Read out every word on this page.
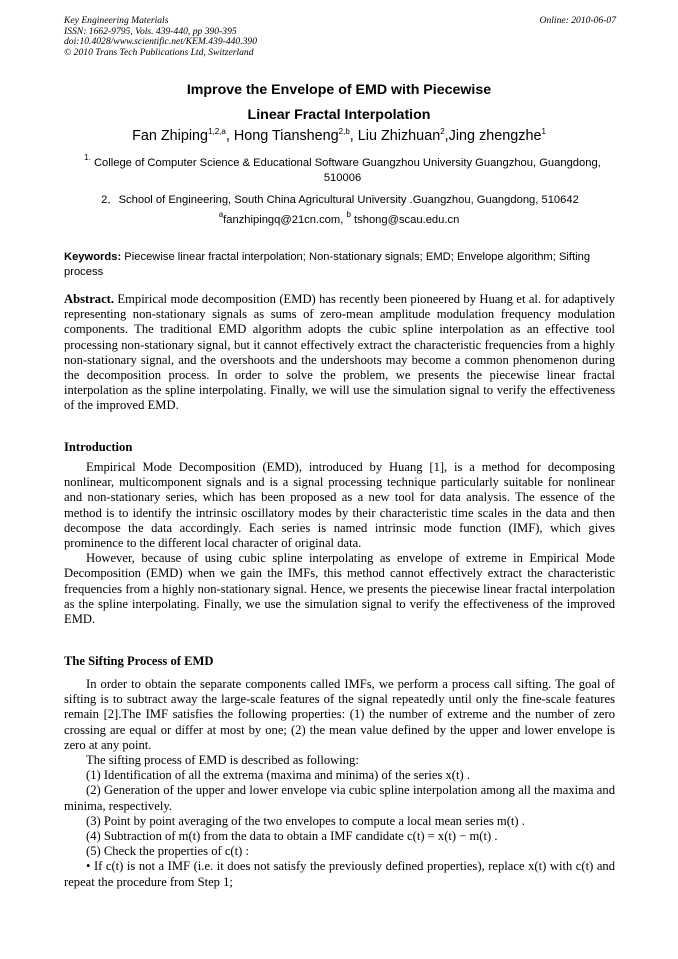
Key Engineering Materials
ISSN: 1662-9795, Vols. 439-440, pp 390-395
doi:10.4028/www.scientific.net/KEM.439-440.390
© 2010 Trans Tech Publications Ltd, Switzerland
Online: 2010-06-07
Improve the Envelope of EMD with Piecewise
Linear Fractal Interpolation
Fan Zhiping$^{1,2,a}$, Hong Tiansheng$^{2,b}$, Liu Zhizhuan$^2$,Jing zhengzhe$^1$
$^{1.}$ College of Computer Science & Educational Software Guangzhou University Guangzhou, Guangdong, 510006
2．School of Engineering, South China Agricultural University .Guangzhou, Guangdong, 510642
$^a$fanzhipingq@21cn.com, $^b$ tshong@scau.edu.cn
Keywords: Piecewise linear fractal interpolation; Non-stationary signals; EMD; Envelope algorithm; Sifting process

Abstract. Empirical mode decomposition (EMD) has recently been pioneered by Huang et al. for adaptively representing non-stationary signals as sums of zero-mean amplitude modulation frequency modulation components. The traditional EMD algorithm adopts the cubic spline interpolation as an effective tool processing non-stationary signal, but it cannot effectively extract the characteristic frequencies from a highly non-stationary signal, and the overshoots and the undershoots may become a common phenomenon during the decomposition process. In order to solve the problem, we presents the piecewise linear fractal interpolation as the spline interpolating. Finally, we will use the simulation signal to verify the effectiveness of the improved EMD.

Introduction

Empirical Mode Decomposition (EMD), introduced by Huang [1], is a method for decomposing nonlinear, multicomponent signals and is a signal processing technique particularly suitable for nonlinear and non-stationary series, which has been proposed as a new tool for data analysis. The essence of the method is to identify the intrinsic oscillatory modes by their characteristic time scales in the data and then decompose the data accordingly. Each series is named intrinsic mode function (IMF), which gives prominence to the different local character of original data.

However, because of using cubic spline interpolating as envelope of extreme in Empirical Mode Decomposition (EMD) when we gain the IMFs, this method cannot effectively extract the characteristic frequencies from a highly non-stationary signal. Hence, we presents the piecewise linear fractal interpolation as the spline interpolating. Finally, we use the simulation signal to verify the effectiveness of the improved EMD.

The Sifting Process of EMD

In order to obtain the separate components called IMFs, we perform a process call sifting. The goal of sifting is to subtract away the large-scale features of the signal repeatedly until only the fine-scale features remain [2].The IMF satisfies the following properties: (1) the number of extreme and the number of zero crossing are equal or differ at most by one; (2) the mean value defined by the upper and lower envelope is zero at any point.

The sifting process of EMD is described as following:

(1) Identification of all the extrema (maxima and minima) of the series x(t) .

(2) Generation of the upper and lower envelope via cubic spline interpolation among all the maxima and minima, respectively.

(3) Point by point averaging of the two envelopes to compute a local mean series m(t) .

(4) Subtraction of m(t) from the data to obtain a IMF candidate c(t) = x(t) − m(t) .

(5) Check the properties of c(t) :

• If c(t) is not a IMF (i.e. it does not satisfy the previously defined properties), replace x(t) with c(t) and repeat the procedure from Step 1;
